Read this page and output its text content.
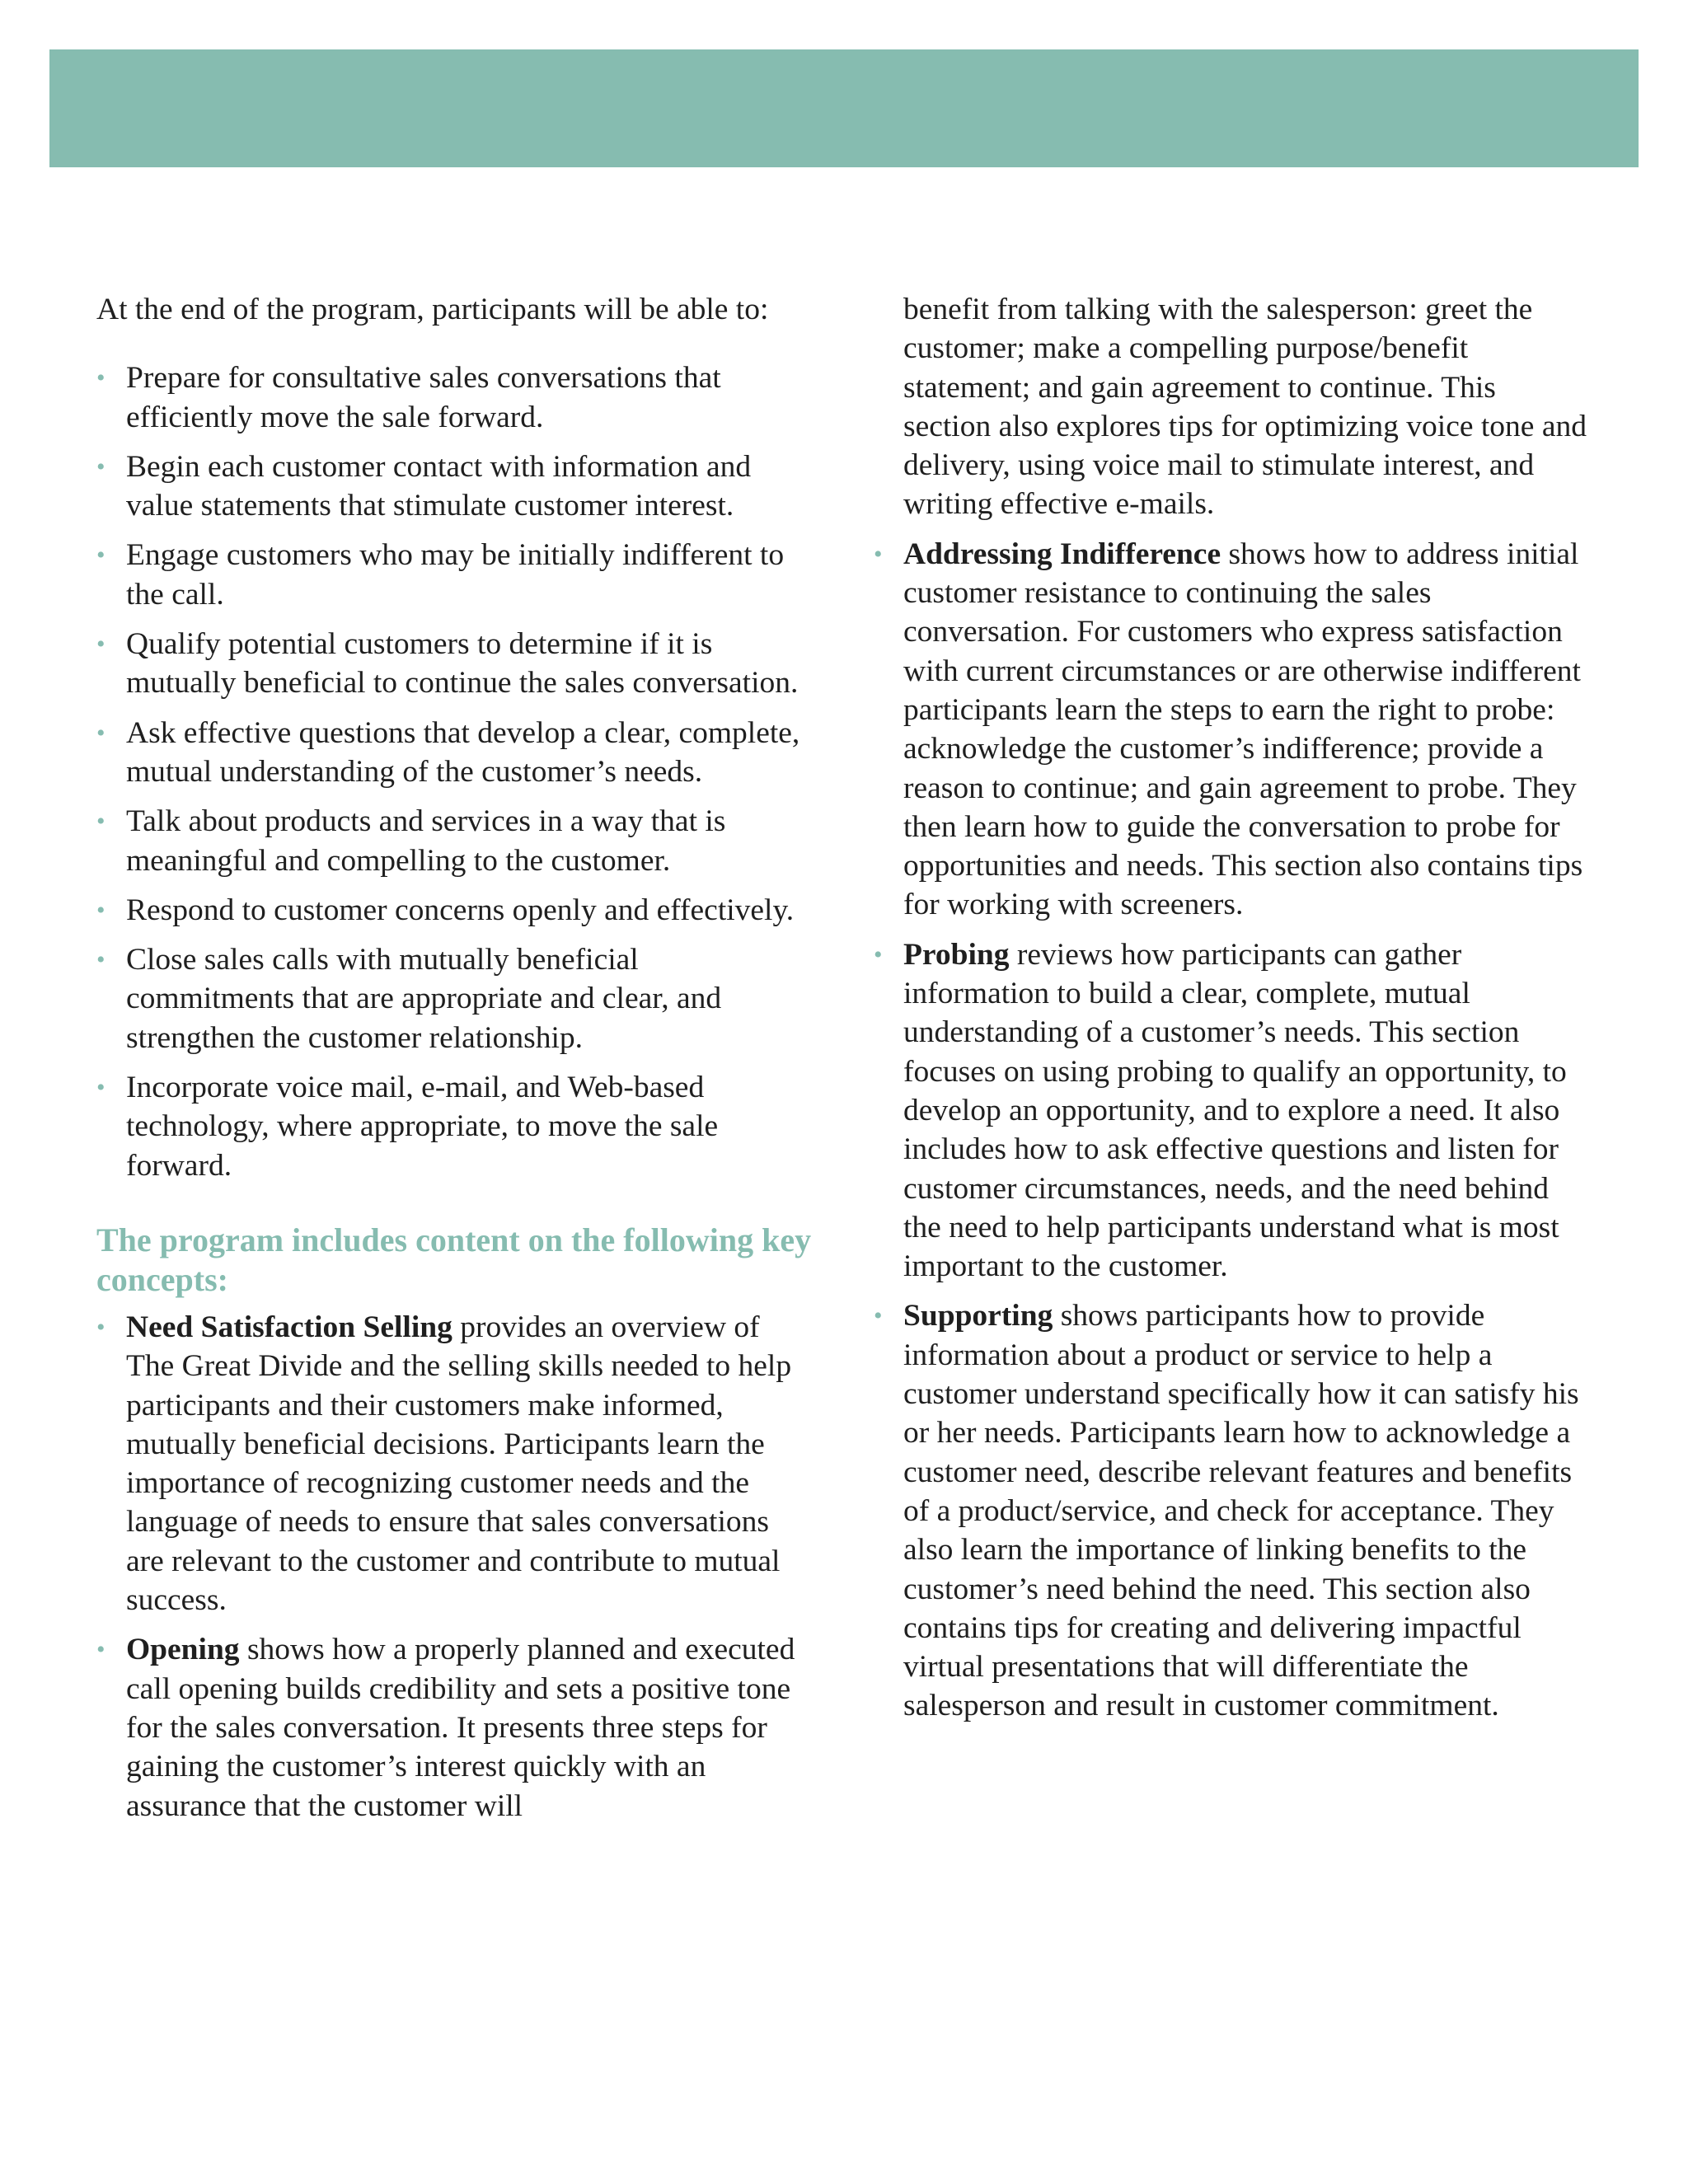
At the end of the program, participants will be able to:

• Prepare for consultative sales conversations that efficiently move the sale forward.
• Begin each customer contact with information and value statements that stimulate customer interest.
• Engage customers who may be initially indifferent to the call.
• Qualify potential customers to determine if it is mutually beneficial to continue the sales conversation.
• Ask effective questions that develop a clear, complete, mutual understanding of the customer’s needs.
• Talk about products and services in a way that is meaningful and compelling to the customer.
• Respond to customer concerns openly and effectively.
• Close sales calls with mutually beneficial commitments that are appropriate and clear, and strengthen the customer relationship.
• Incorporate voice mail, e-mail, and Web-based technology, where appropriate, to move the sale forward.
The program includes content on the following key concepts:
• Need Satisfaction Selling provides an overview of The Great Divide and the selling skills needed to help participants and their customers make informed, mutually beneficial decisions. Participants learn the importance of recognizing customer needs and the language of needs to ensure that sales conversations are relevant to the customer and contribute to mutual success.
• Opening shows how a properly planned and executed call opening builds credibility and sets a positive tone for the sales conversation. It presents three steps for gaining the customer’s interest quickly with an assurance that the customer will
benefit from talking with the salesperson: greet the customer; make a compelling purpose/benefit statement; and gain agreement to continue. This section also explores tips for optimizing voice tone and delivery, using voice mail to stimulate interest, and writing effective e-mails.
• Addressing Indifference shows how to address initial customer resistance to continuing the sales conversation. For customers who express satisfaction with current circumstances or are otherwise indifferent participants learn the steps to earn the right to probe: acknowledge the customer’s indifference; provide a reason to continue; and gain agreement to probe. They then learn how to guide the conversation to probe for opportunities and needs. This section also contains tips for working with screeners.
• Probing reviews how participants can gather information to build a clear, complete, mutual understanding of a customer’s needs. This section focuses on using probing to qualify an opportunity, to develop an opportunity, and to explore a need. It also includes how to ask effective questions and listen for customer circumstances, needs, and the need behind the need to help participants understand what is most important to the customer.
• Supporting shows participants how to provide information about a product or service to help a customer understand specifically how it can satisfy his or her needs. Participants learn how to acknowledge a customer need, describe relevant features and benefits of a product/service, and check for acceptance. They also learn the importance of linking benefits to the customer’s need behind the need. This section also contains tips for creating and delivering impactful virtual presentations that will differentiate the salesperson and result in customer commitment.
